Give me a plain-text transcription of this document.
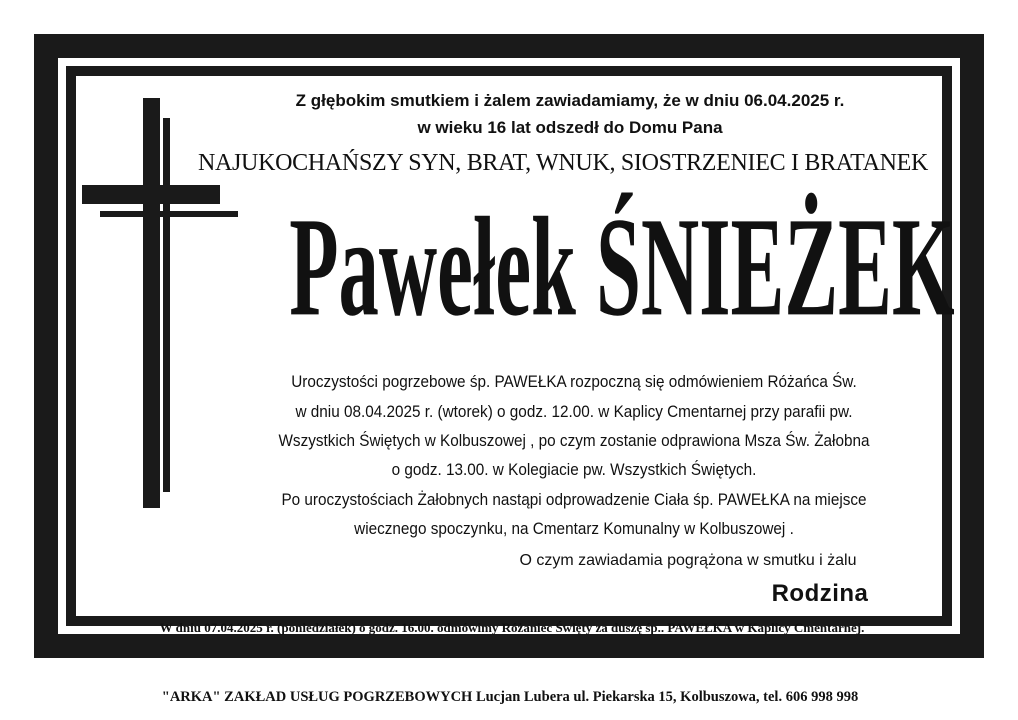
Z głębokim smutkiem i żalem zawiadamiamy, że w dniu 06.04.2025 r.
w wieku 16 lat odszedł do Domu Pana
NAJUKOCHAŃSZY SYN, BRAT, WNUK, SIOSTRZENIEC I BRATANEK
Pawełek ŚNIEŻEK
Uroczystości pogrzebowe śp. PAWEŁKA rozpoczną się odmówieniem Różańca Św.
w dniu 08.04.2025 r. (wtorek) o godz. 12.00. w Kaplicy Cmentarnej przy parafii pw.
Wszystkich Świętych w Kolbuszowej , po czym zostanie odprawiona Msza Św. Żałobna
o godz. 13.00. w Kolegiacie pw. Wszystkich Świętych.
Po uroczystościach Żałobnych nastąpi odprowadzenie Ciała śp. PAWEŁKA na miejsce
wiecznego spoczynku, na Cmentarz Komunalny w Kolbuszowej .
O czym zawiadamia pogrążona w smutku i żalu
Rodzina
W dniu 07.04.2025 r. (poniedziałek) o godz. 16.00. odmówimy Różaniec Święty za duszę śp.. PAWEŁKA w Kaplicy Cmentarnej.
"ARKA" ZAKŁAD USŁUG POGRZEBOWYCH Lucjan Lubera ul. Piekarska 15, Kolbuszowa, tel. 606 998 998
